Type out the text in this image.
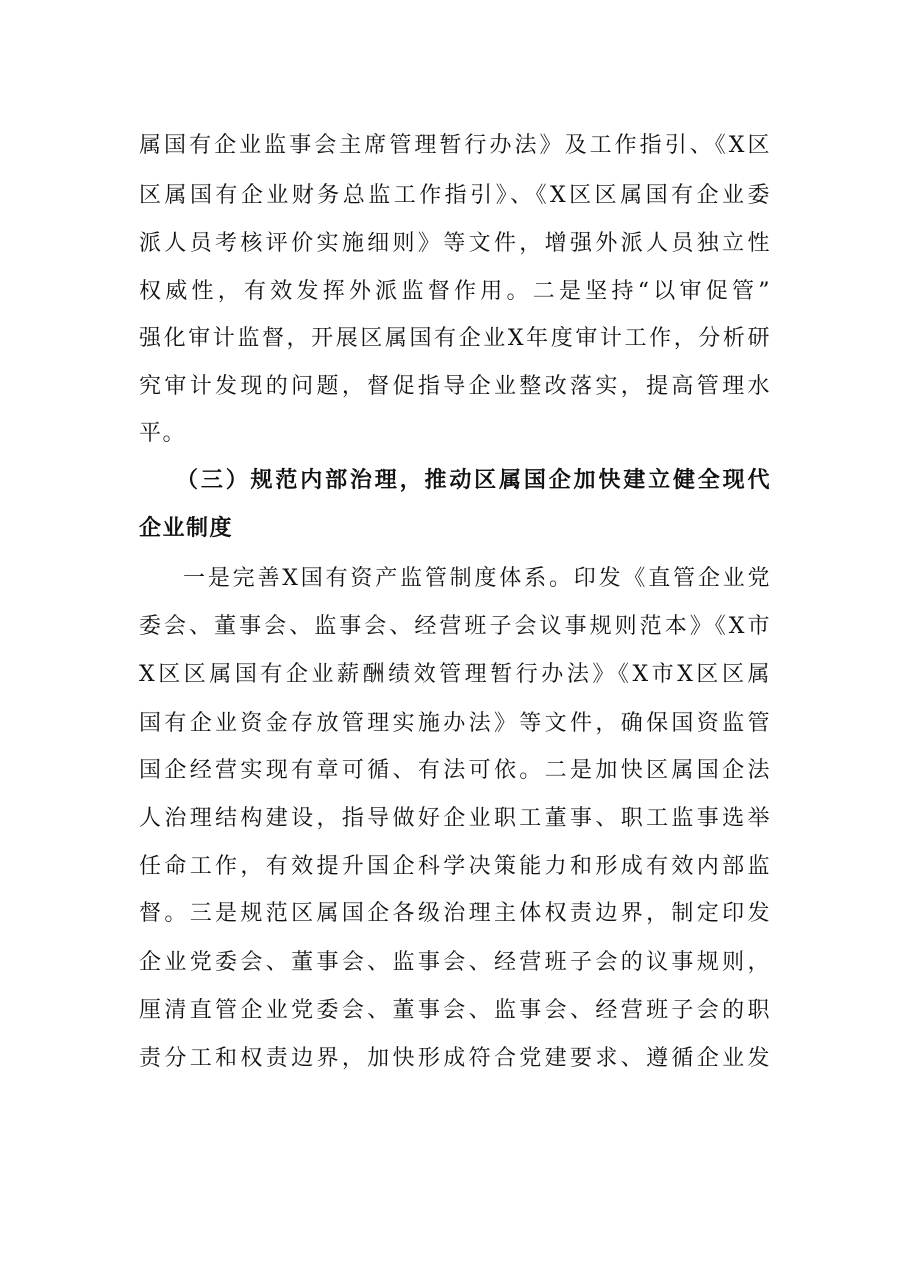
属国有企业监事会主席管理暂行办法》及工作指引、《X区
区属国有企业财务总监工作指引》、《X区区属国有企业委
派人员考核评价实施细则》等文件，增强外派人员独立性
权威性，有效发挥外派监督作用。二是坚持“以审促管”
强化审计监督，开展区属国有企业X年度审计工作，分析研
究审计发现的问题，督促指导企业整改落实，提高管理水
平。
（三）规范内部治理，推动区属国企加快建立健全现代
企业制度
一是完善X国有资产监管制度体系。印发《直管企业党
委会、董事会、监事会、经营班子会议事规则范本》《X市
X区区属国有企业薪酬绩效管理暂行办法》《X市X区区属
国有企业资金存放管理实施办法》等文件，确保国资监管
国企经营实现有章可循、有法可依。二是加快区属国企法
人治理结构建设，指导做好企业职工董事、职工监事选举
任命工作，有效提升国企科学决策能力和形成有效内部监
督。三是规范区属国企各级治理主体权责边界，制定印发
企业党委会、董事会、监事会、经营班子会的议事规则，
厘清直管企业党委会、董事会、监事会、经营班子会的职
责分工和权责边界，加快形成符合党建要求、遵循企业发
